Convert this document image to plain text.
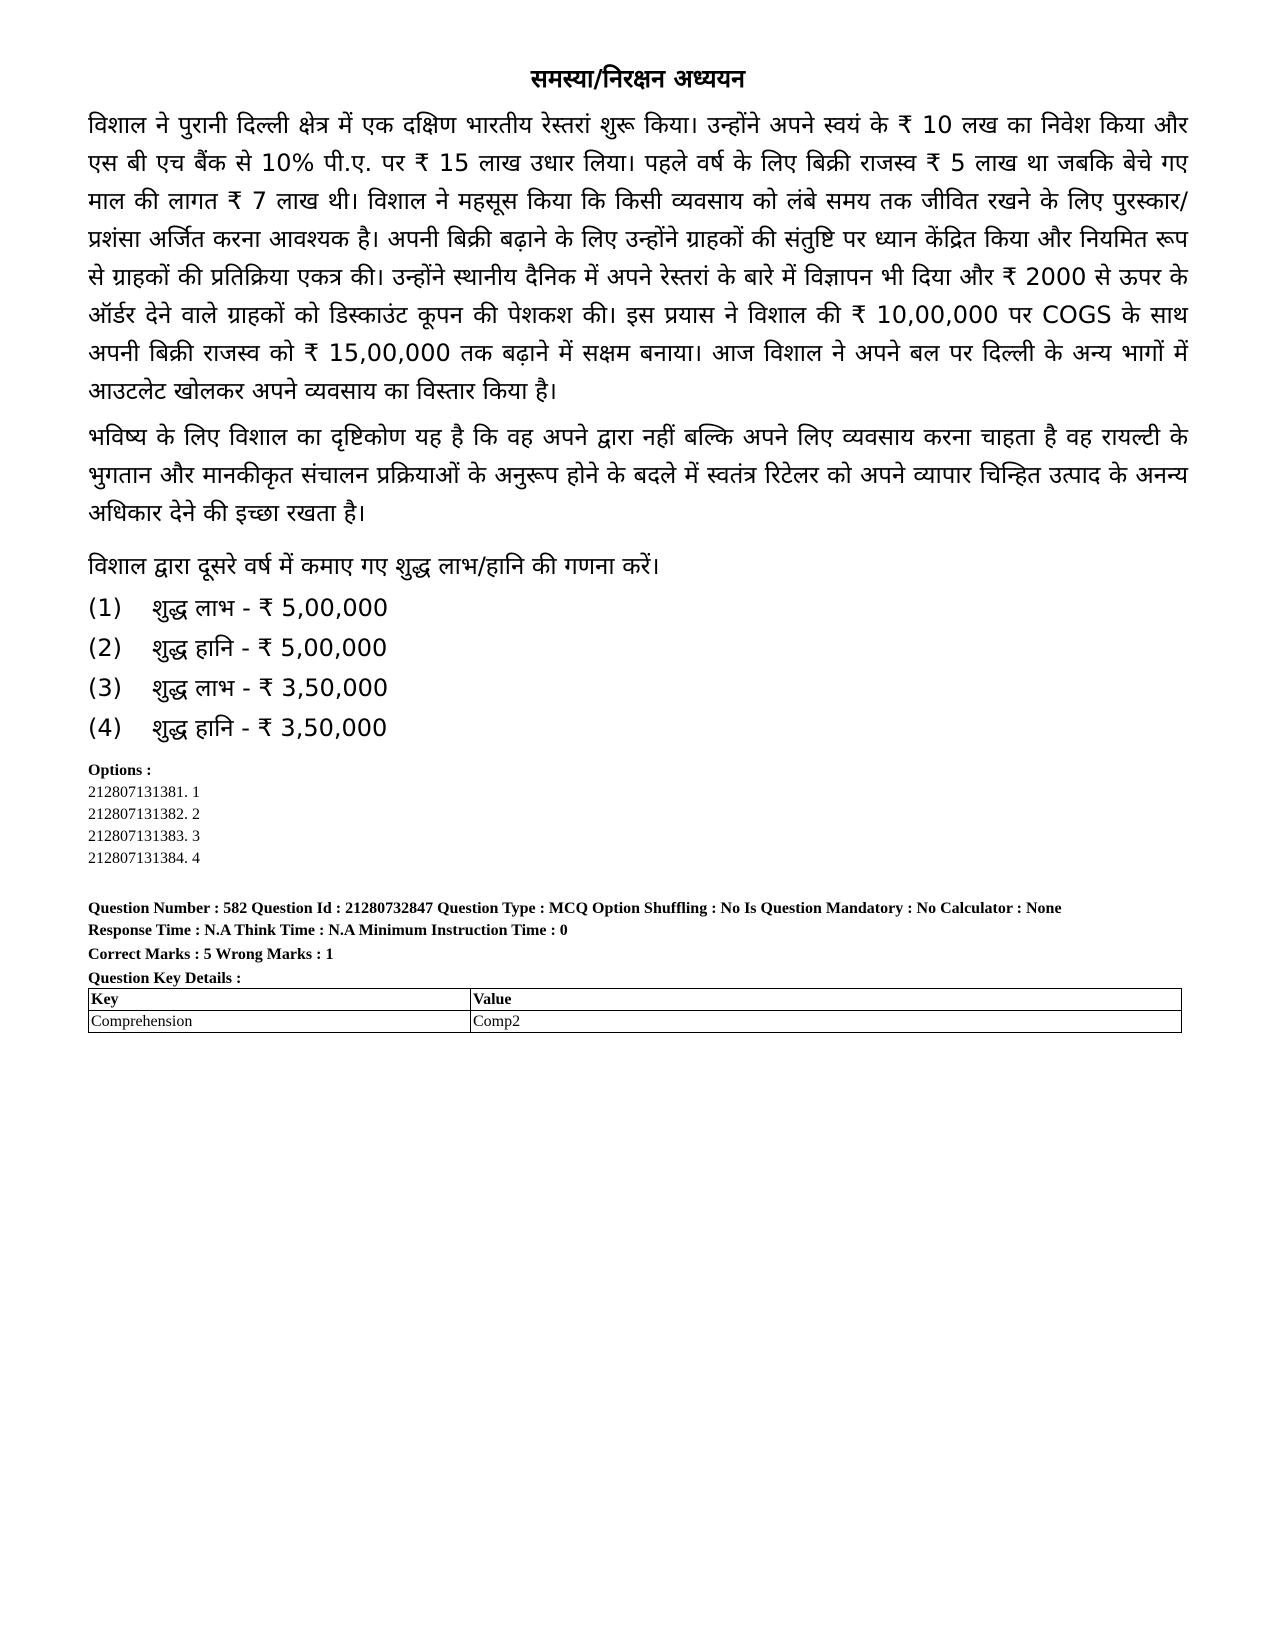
समस्या/निरक्षन अध्ययन

विशाल ने पुरानी दिल्ली क्षेत्र में एक दक्षिण भारतीय रेस्तरां शुरू किया। उन्होंने अपने स्वयं के ₹ 10 लख का निवेश किया और एस बी एच बैंक से 10% पी.ए. पर ₹ 15 लाख उधार लिया। पहले वर्ष के लिए बिक्री राजस्व ₹ 5 लाख था जबकि बेचे गए माल की लागत ₹ 7 लाख थी। विशाल ने महसूस किया कि किसी व्यवसाय को लंबे समय तक जीवित रखने के लिए पुरस्कार/प्रशंसा अर्जित करना आवश्यक है। अपनी बिक्री बढ़ाने के लिए उन्होंने ग्राहकों की संतुष्टि पर ध्यान केंद्रित किया और नियमित रूप से ग्राहकों की प्रतिक्रिया एकत्र की। उन्होंने स्थानीय दैनिक में अपने रेस्तरां के बारे में विज्ञापन भी दिया और ₹ 2000 से ऊपर के ऑर्डर देने वाले ग्राहकों को डिस्काउंट कूपन की पेशकश की। इस प्रयास ने विशाल की ₹ 10,00,000 पर COGS के साथ अपनी बिक्री राजस्व को ₹ 15,00,000 तक बढ़ाने में सक्षम बनाया। आज विशाल ने अपने बल पर दिल्ली के अन्य भागों में आउटलेट खोलकर अपने व्यवसाय का विस्तार किया है।

भविष्य के लिए विशाल का दृष्टिकोण यह है कि वह अपने द्वारा नहीं बल्कि अपने लिए व्यवसाय करना चाहता है वह रायल्टी के भुगतान और मानकीकृत संचालन प्रक्रियाओं के अनुरूप होने के बदले में स्वतंत्र रिटेलर को अपने व्यापार चिन्हित उत्पाद के अनन्य अधिकार देने की इच्छा रखता है।

विशाल द्वारा दूसरे वर्ष में कमाए गए शुद्ध लाभ/हानि की गणना करें।

(1)	शुद्ध लाभ - ₹ 5,00,000
(2)	शुद्ध हानि - ₹ 5,00,000
(3)	शुद्ध लाभ - ₹ 3,50,000
(4)	शुद्ध हानि - ₹ 3,50,000

Options :

212807131381. 1
212807131382. 2
212807131383. 3
212807131384. 4

Question Number : 582 Question Id : 21280732847 Question Type : MCQ Option Shuffling : No Is Question Mandatory : No Calculator : None

Response Time : N.A Think Time : N.A Minimum Instruction Time : 0

Correct Marks : 5 Wrong Marks : 1

Question Key Details :

Key	Value
Comprehension	Comp2
